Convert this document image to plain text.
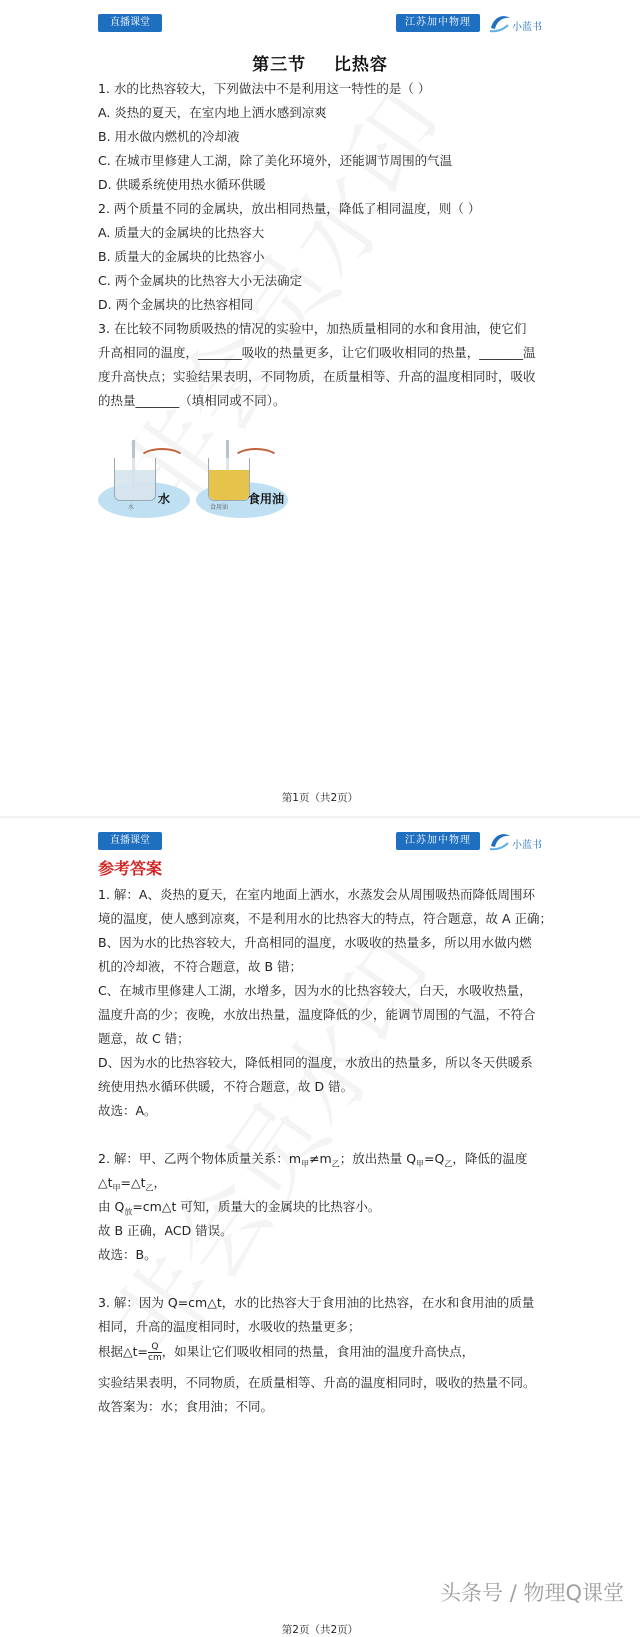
直播课堂	江苏加中物理	小蓝书
第三节    比热容
1. 水的比热容较大，下列做法中不是利用这一特性的是（ ）
A. 炎热的夏天，在室内地上洒水感到凉爽
B. 用水做内燃机的冷却液
C. 在城市里修建人工湖，除了美化环境外，还能调节周围的气温
D. 供暖系统使用热水循环供暖
2. 两个质量不同的金属块，放出相同热量，降低了相同温度，则（ ）
A. 质量大的金属块的比热容大
B. 质量大的金属块的比热容小
C. 两个金属块的比热容大小无法确定
D. 两个金属块的比热容相同
3. 在比较不同物质吸热的情况的实验中，加热质量相同的水和食用油，使它们
升高相同的温度，_______吸收的热量更多，让它们吸收相同的热量，_______温
度升高快点；实验结果表明，不同物质，在质量相等、升高的温度相同时，吸收
的热量_______（填相同或不同）。
水
水
食用油
食用油
第1页（共2页）
直播课堂	江苏加中物理	小蓝书
参考答案
1. 解：A、炎热的夏天，在室内地面上洒水，水蒸发会从周围吸热而降低周围环
境的温度，使人感到凉爽，不是利用水的比热容大的特点，符合题意，故 A 正确；
B、因为水的比热容较大，升高相同的温度，水吸收的热量多，所以用水做内燃
机的冷却液，不符合题意，故 B 错；
C、在城市里修建人工湖，水增多，因为水的比热容较大，白天，水吸收热量，
温度升高的少；夜晚，水放出热量，温度降低的少，能调节周围的气温，不符合
题意，故 C 错；
D、因为水的比热容较大，降低相同的温度，水放出的热量多，所以冬天供暖系
统使用热水循环供暖，不符合题意，故 D 错。
故选：A。
2. 解：甲、乙两个物体质量关系：$m_甲\ne m_乙$；放出热量 $Q_甲=Q_乙$，降低的温度
$\triangle t_甲=\triangle t_乙$，
由 $Q_放=cm\triangle t$ 可知，质量大的金属块的比热容小。
故 B 正确，ACD 错误。
故选：B。
3. 解：因为 Q=cm△t，水的比热容大于食用油的比热容，在水和食用油的质量
相同，升高的温度相同时，水吸收的热量更多；
根据△t= $\frac{Q}{cm}$ ，如果让它们吸收相同的热量，食用油的温度升高快点，
实验结果表明，不同物质，在质量相等、升高的温度相同时，吸收的热量不同。
故答案为：水；食用油；不同。
头条号 / 物理Q课堂
第2页（共2页）
